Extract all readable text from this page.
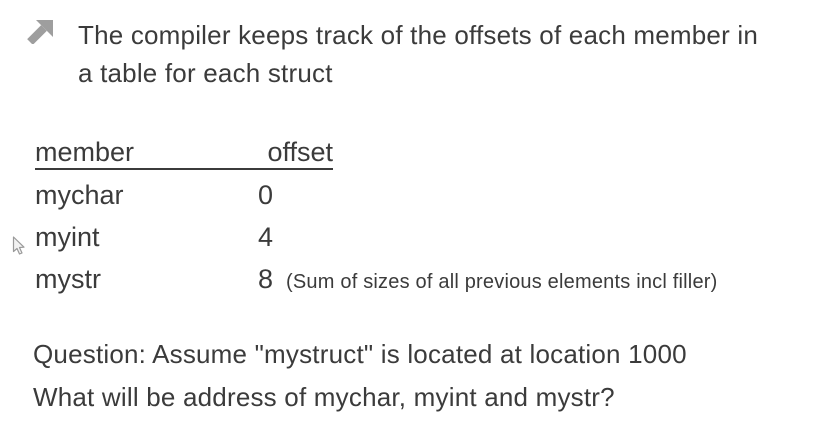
The compiler keeps track of the offsets of each member in
a table for each struct
member	offset
mychar	0
myint	4
mystr	8 (Sum of sizes of all previous elements incl filler)
Question: Assume "mystruct" is located at location 1000
What will be address of mychar, myint and mystr?
